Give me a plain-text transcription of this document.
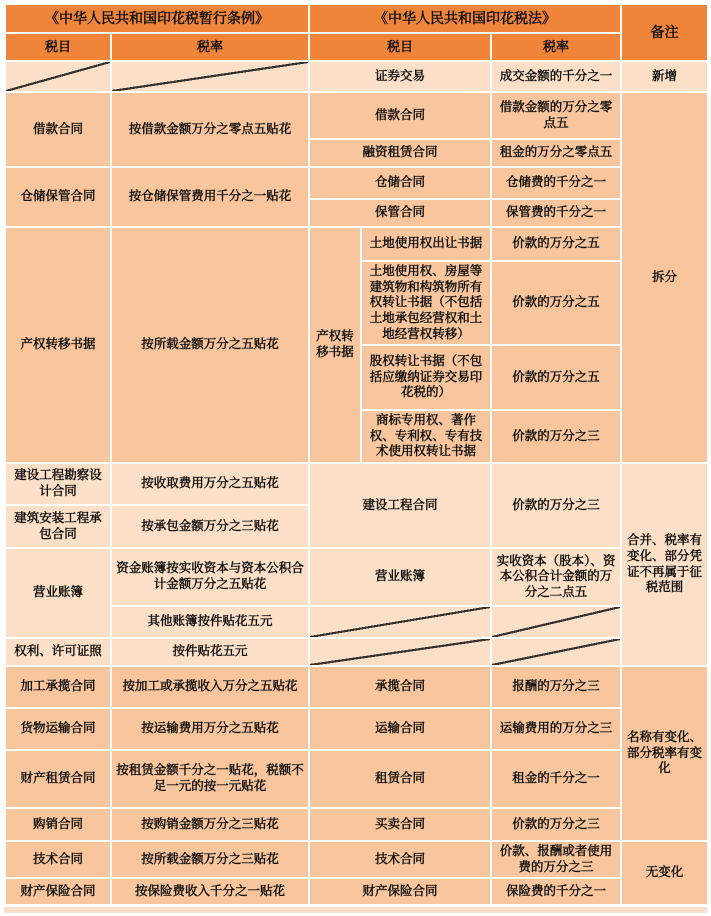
《中华人民共和国印花税暂行条例》		《中华人民共和国印花税法》			备注
税目	税率	税目		税率	
		证券交易		成交金额的千分之一	新增
借款合同	按借款金额万分之零点五贴花	借款合同		借款金额的万分之零点五	拆分
		融资租赁合同		租金的万分之零点五	
仓储保管合同	按仓储保管费用千分之一贴花	仓储合同		仓储费的千分之一	
		保管合同		保管费的千分之一	
产权转移书据	按所载金额万分之五贴花	产权转移书据	土地使用权出让书据	价款的万分之五	
			土地使用权、房屋等建筑物和构筑物所有权转让书据（不包括土地承包经营权和土地经营权转移）	价款的万分之五	
			股权转让书据（不包括应缴纳证券交易印花税的）	价款的万分之五	
			商标专用权、著作权、专利权、专有技术使用权转让书据	价款的万分之三	
建设工程勘察设计合同	按收取费用万分之五贴花	建设工程合同		价款的万分之三	合并、税率有变化、部分凭证不再属于征税范围
建筑安装工程承包合同	按承包金额万分之三贴花				
营业账簿	资金账簿按实收资本与资本公积合计金额万分之五贴花	营业账簿		实收资本（股本）、资本公积合计金额的万分之二点五	
	其他账簿按件贴花五元				
权利、许可证照	按件贴花五元				
加工承揽合同	按加工或承揽收入万分之五贴花	承揽合同		报酬的万分之三	名称有变化、部分税率有变化
货物运输合同	按运输费用万分之五贴花	运输合同		运输费用的万分之三	
财产租赁合同	按租赁金额千分之一贴花，税额不足一元的按一元贴花	租赁合同		租金的千分之一	
购销合同	按购销金额万分之三贴花	买卖合同		价款的万分之三	
技术合同	按所载金额万分之三贴花	技术合同		价款、报酬或者使用费的万分之三	无变化
财产保险合同	按保险费收入千分之一贴花	财产保险合同		保险费的千分之一	
